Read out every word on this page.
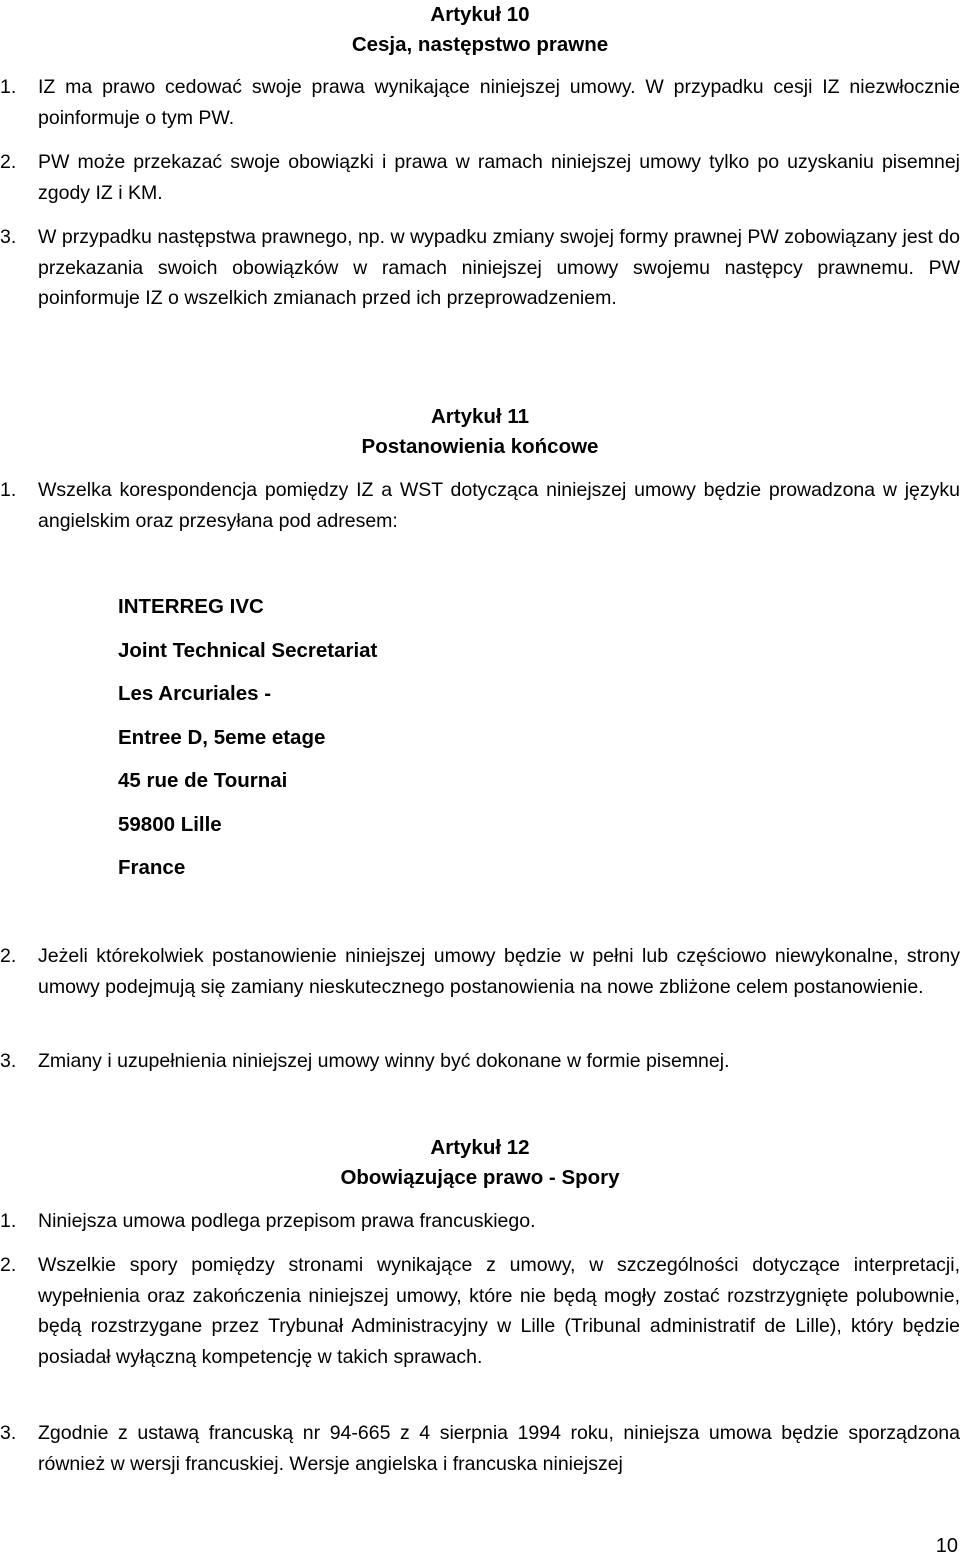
Artykuł 10
Cesja, następstwo prawne
1. IZ ma prawo cedować swoje prawa wynikające niniejszej umowy. W przypadku cesji IZ niezwłocznie poinformuje o tym PW.
2. PW może przekazać swoje obowiązki i prawa w ramach niniejszej umowy tylko po uzyskaniu pisemnej zgody IZ i KM.
3. W przypadku następstwa prawnego, np. w wypadku zmiany swojej formy prawnej PW zobowiązany jest do przekazania swoich obowiązków w ramach niniejszej umowy swojemu następcy prawnemu. PW poinformuje IZ o wszelkich zmianach przed ich przeprowadzeniem.
Artykuł 11
Postanowienia końcowe
1. Wszelka korespondencja pomiędzy IZ a WST dotycząca niniejszej umowy będzie prowadzona w języku angielskim oraz przesyłana pod adresem:

INTERREG IVC

Joint Technical Secretariat

Les Arcuriales -

Entree D, 5eme etage

45 rue de Tournai

59800 Lille

France

2. Jeżeli którekolwiek postanowienie niniejszej umowy będzie w pełni lub częściowo niewykonalne, strony umowy podejmują się zamiany nieskutecznego postanowienia na nowe zbliżone celem postanowienie.
3. Zmiany i uzupełnienia niniejszej umowy winny być dokonane w formie pisemnej.
Artykuł 12
Obowiązujące prawo - Spory
1. Niniejsza umowa podlega przepisom prawa francuskiego.
2. Wszelkie spory pomiędzy stronami wynikające z umowy, w szczególności dotyczące interpretacji, wypełnienia oraz zakończenia niniejszej umowy, które nie będą mogły zostać rozstrzygnięte polubownie, będą rozstrzygane przez Trybunał Administracyjny w Lille (Tribunal administratif de Lille), który będzie posiadał wyłączną kompetencję w takich sprawach.
3. Zgodnie z ustawą francuską nr 94-665 z 4 sierpnia 1994 roku, niniejsza umowa będzie sporządzona również w wersji francuskiej. Wersje angielska i francuska niniejszej
10
